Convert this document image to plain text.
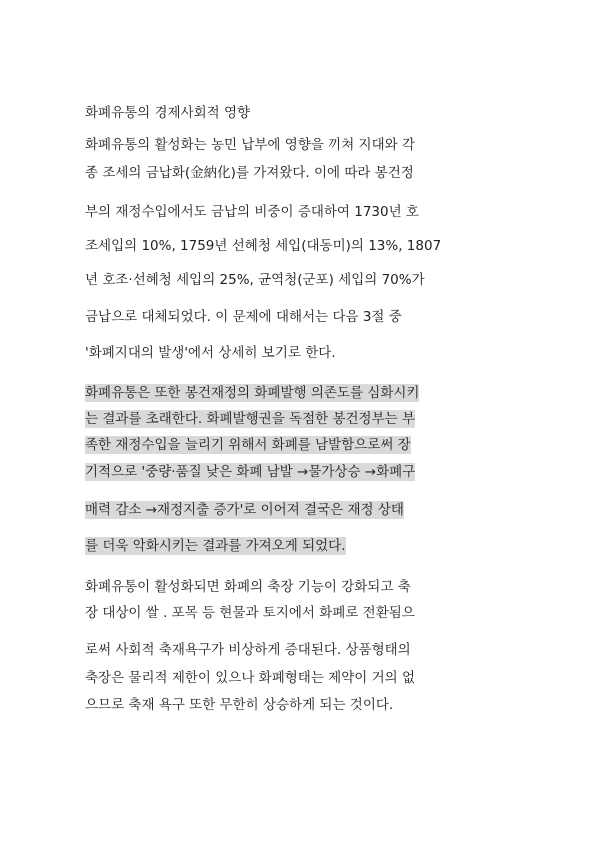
화폐유통의 경제사회적 영향
화폐유통의 활성화는 농민 납부에 영향을 끼쳐 지대와 각
종 조세의 금납화(金納化)를 가져왔다. 이에 따라 봉건정
부의 재정수입에서도 금납의 비중이 증대하여 1730년 호
조세입의 10%, 1759년 선혜청 세입(대동미)의 13%, 1807
년 호조·선혜청 세입의 25%, 균역청(군포) 세입의 70%가
금납으로 대체되었다. 이 문제에 대해서는 다음 3절 중
'화폐지대의 발생'에서 상세히 보기로 한다.
화폐유통은 또한 봉건재정의 화폐발행 의존도를 심화시키
는 결과를 초래한다. 화폐발행권을 독점한 봉건정부는 부
족한 재정수입을 늘리기 위해서 화폐를 남발함으로써 장
기적으로 '중량·품질 낮은 화폐 남발 →물가상승 →화폐구
매력 감소 →재정지출 증가'로 이어져 결국은 재정 상태
를 더욱 악화시키는 결과를 가져오게 되었다.
화폐유통이 활성화되면 화폐의 축장 기능이 강화되고 축
장 대상이 쌀 . 포목 등 현물과 토지에서 화폐로 전환됨으
로써 사회적 축재욕구가 비상하게 증대된다. 상품형태의
축장은 물리적 제한이 있으나 화폐형태는 제약이 거의 없
으므로 축재 욕구 또한 무한히 상승하게 되는 것이다.
